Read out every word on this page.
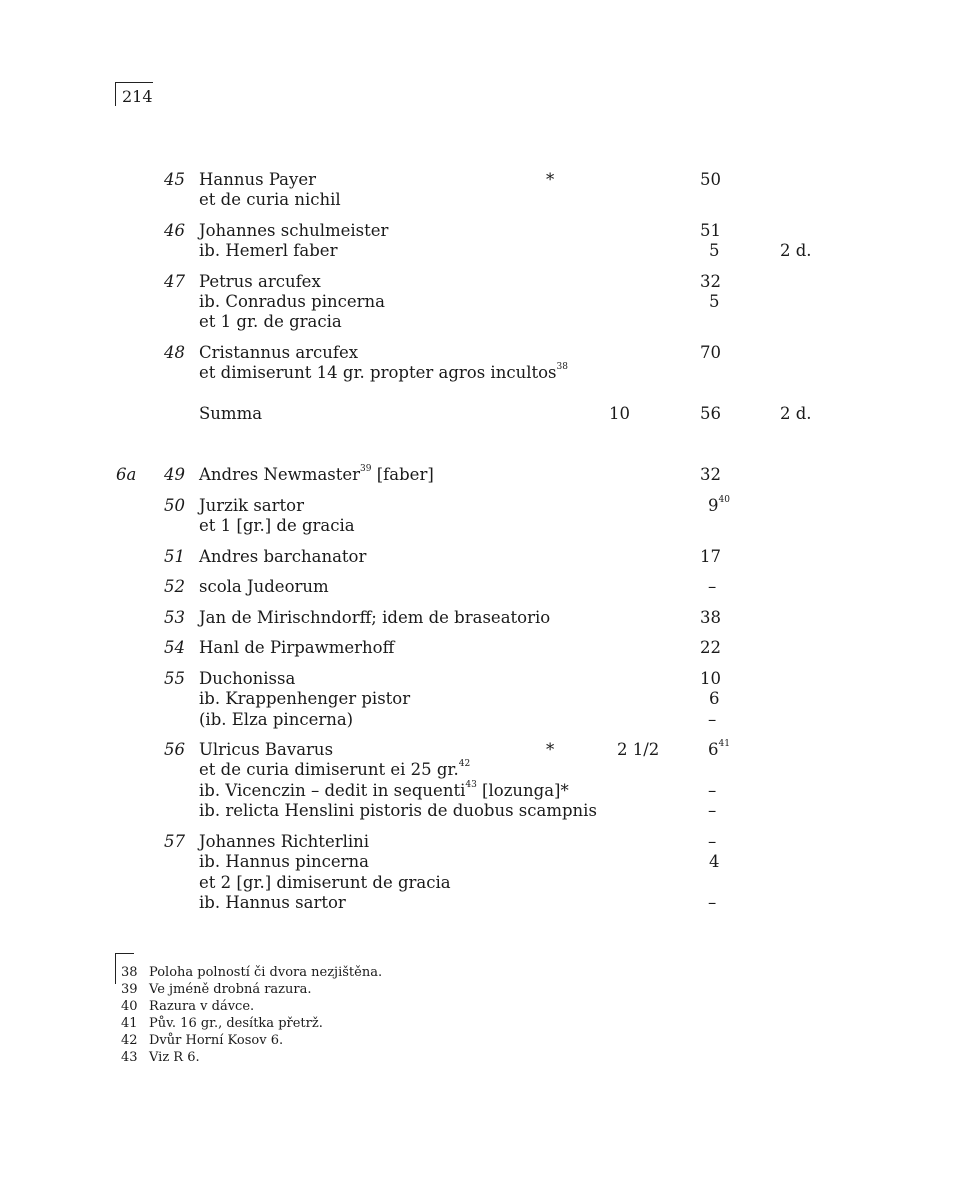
214
45 Hannus Payer	*	50
et de curia nichil
46 Johannes schulmeister	51
ib. Hemerl faber	5	2 d.
47 Petrus arcufex	32
ib. Conradus pincerna	5
et 1 gr. de gracia
48 Cristannus arcufex	70
et dimiserunt 14 gr. propter agros incultos$^{38}$
Summa	10	56	2 d.
6a 49 Andres Newmaster$^{39}$ [faber]	32
50 Jurzik sartor	$9^{40}$
et 1 [gr.] de gracia
51 Andres barchanator	17
52 scola Judeorum	–
53 Jan de Mirischndorff; idem de braseatorio	38
54 Hanl de Pirpawmerhoff	22
55 Duchonissa	10
ib. Krappenhenger pistor	6
(ib. Elza pincerna)	–
56 Ulricus Bavarus	*	2 1/2	$6^{41}$
et de curia dimiserunt ei 25 gr.$^{42}$
ib. Vicenczin – dedit in sequenti$^{43}$ [lozunga]*	–
ib. relicta Henslini pistoris de duobus scampnis	–
57 Johannes Richterlini	–
ib. Hannus pincerna	4
et 2 [gr.] dimiserunt de gracia
ib. Hannus sartor	–
38 Poloha polností či dvora nezjištěna.
39 Ve jméně drobná razura.
40 Razura v dávce.
41 Pův. 16 gr., desítka přetrž.
42 Dvůr Horní Kosov 6.
43 Viz R 6.
